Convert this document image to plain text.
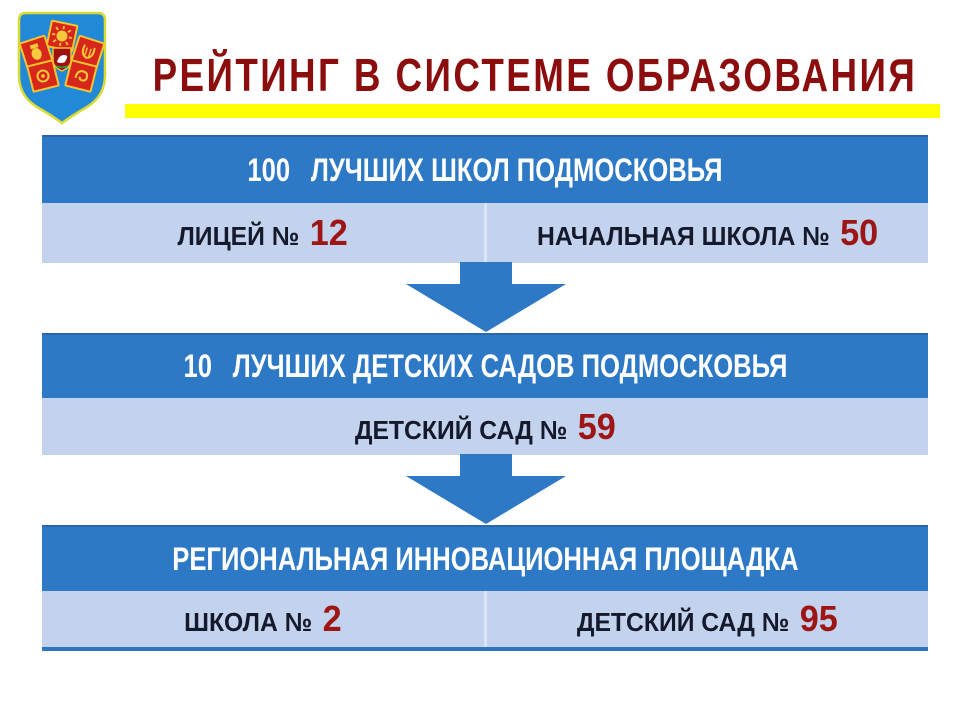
РЕЙТИНГ В СИСТЕМЕ ОБРАЗОВАНИЯ
100 ЛУЧШИХ ШКОЛ ПОДМОСКОВЬЯ
ЛИЦЕЙ № 12	НАЧАЛЬНАЯ ШКОЛА № 50
10 ЛУЧШИХ ДЕТСКИХ САДОВ ПОДМОСКОВЬЯ
ДЕТСКИЙ САД № 59
РЕГИОНАЛЬНАЯ ИННОВАЦИОННАЯ ПЛОЩАДКА
ШКОЛА № 2	ДЕТСКИЙ САД № 95
